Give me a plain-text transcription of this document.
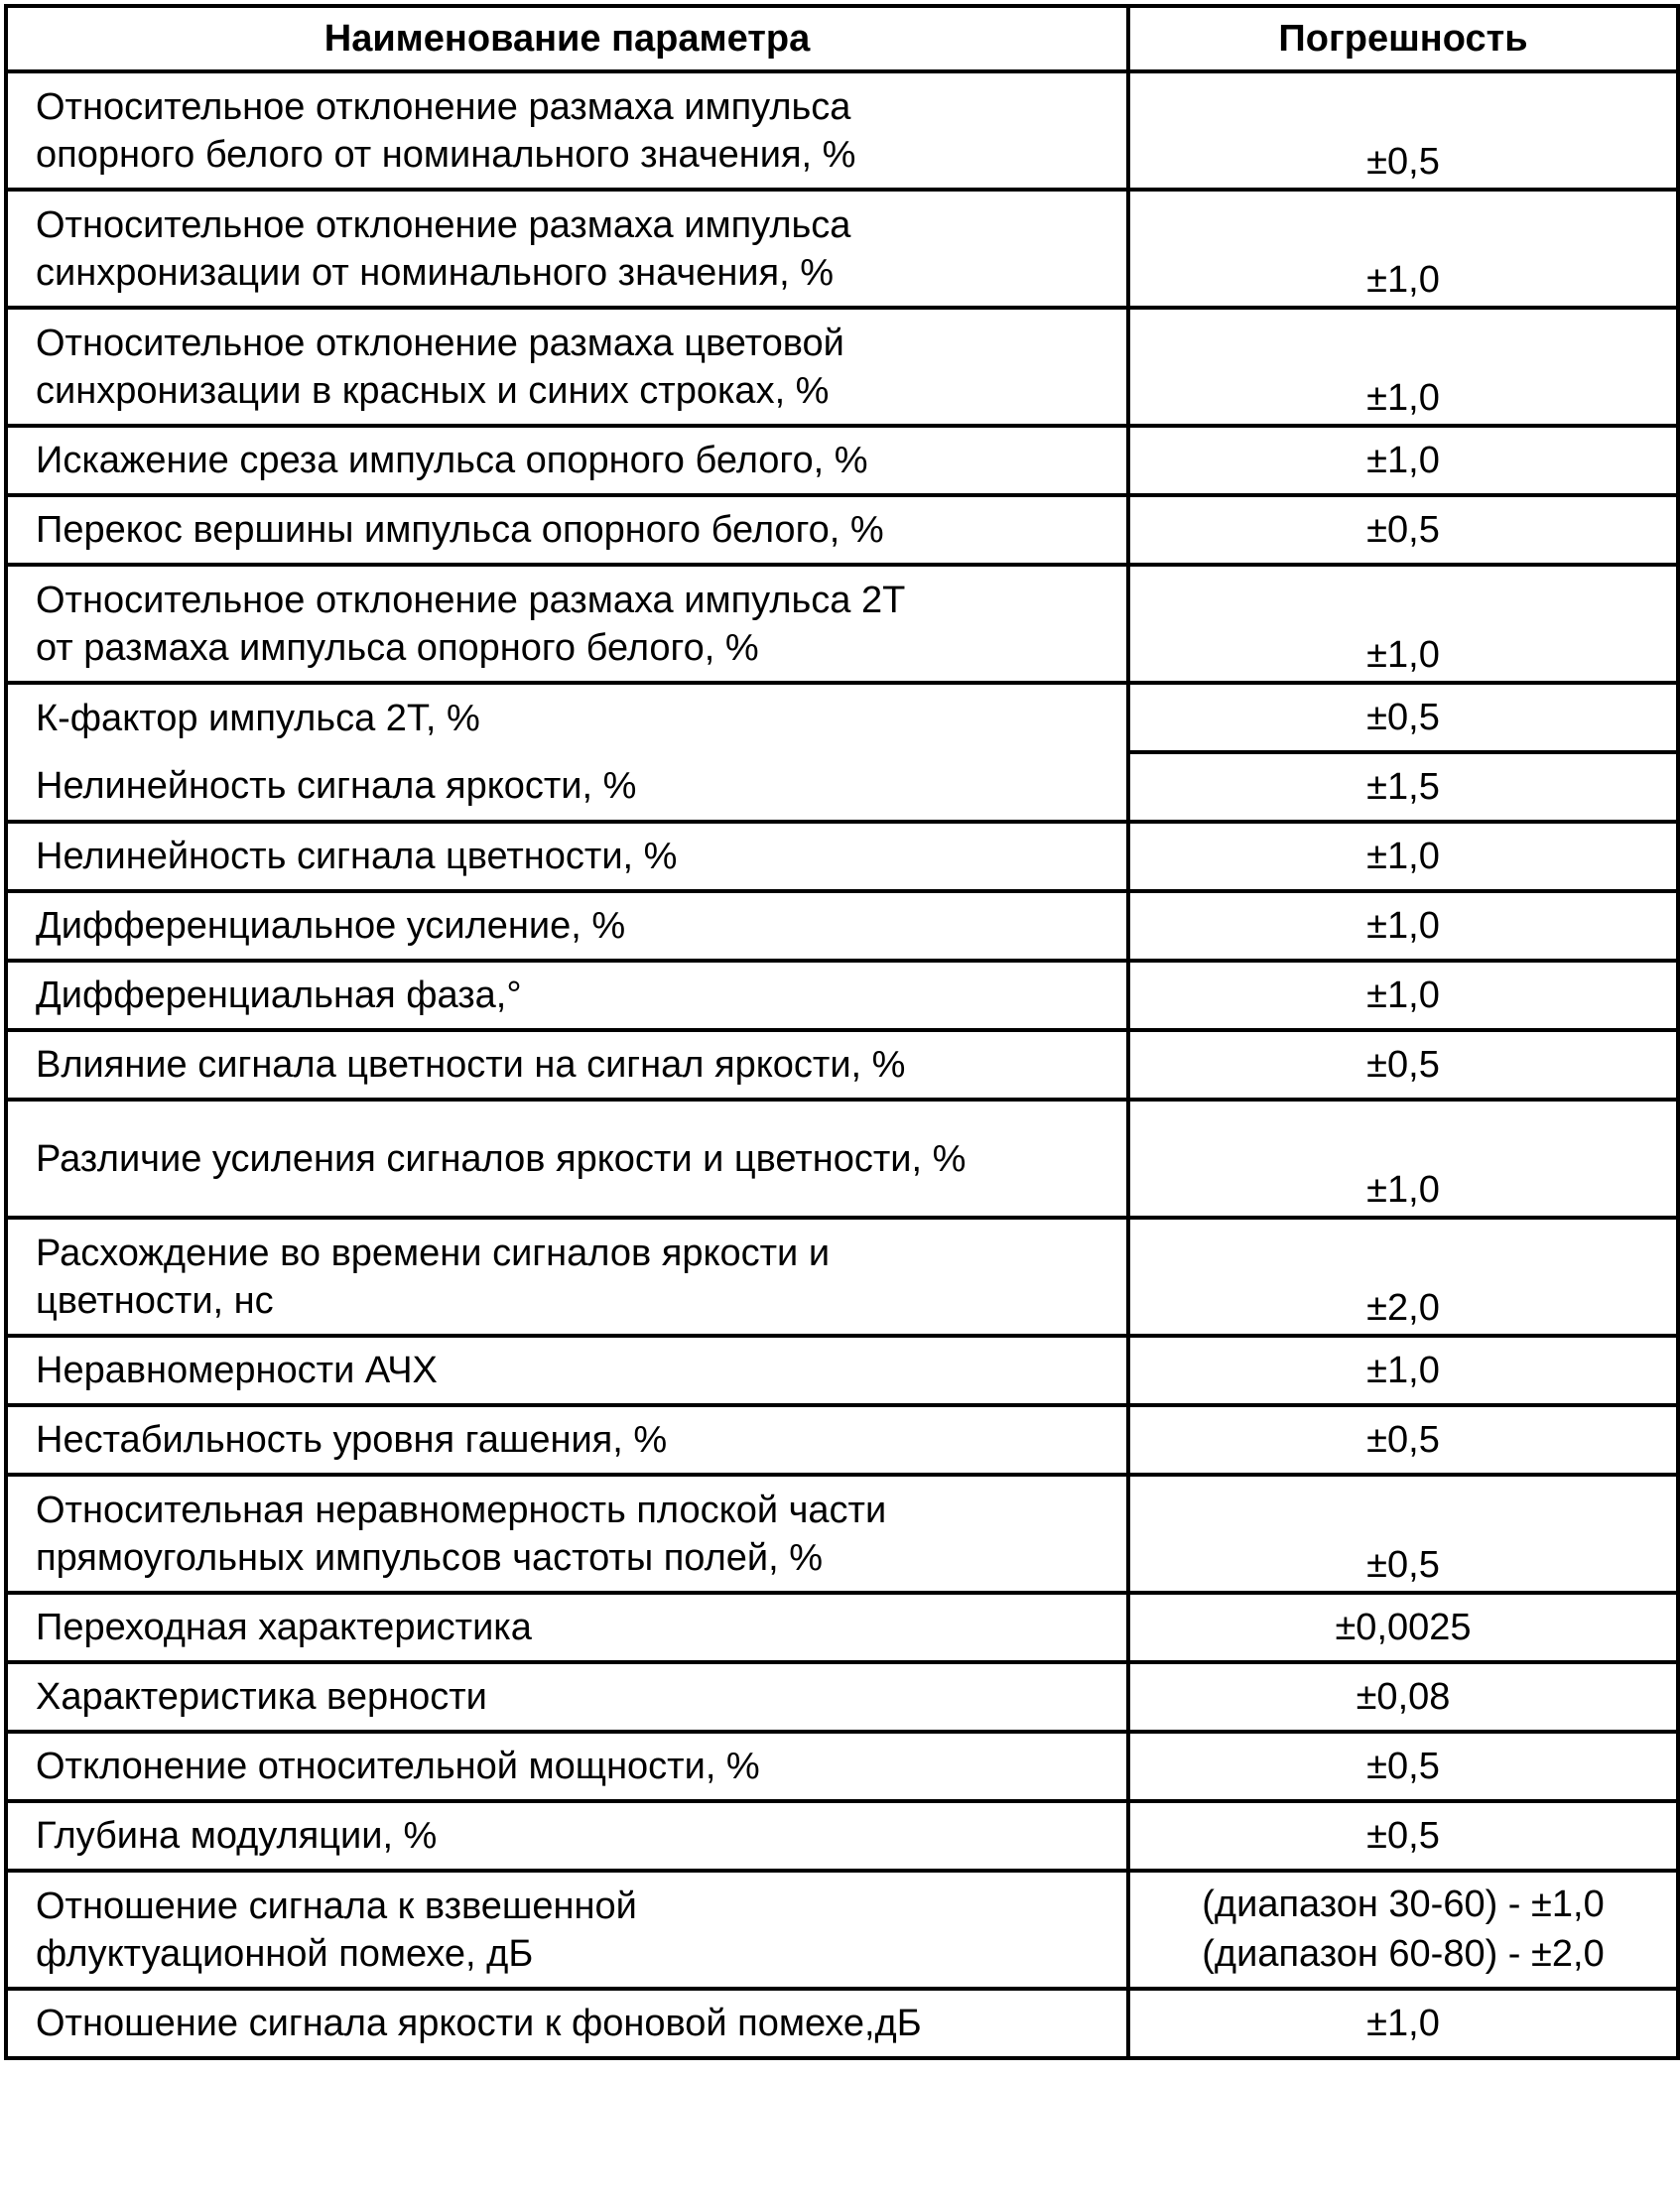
Наименование параметра	Погрешность
Относительное отклонение размаха импульса
опорного белого от номинального значения, %	±0,5
Относительное отклонение размаха импульса
синхронизации от номинального значения, %	±1,0
Относительное отклонение размаха цветовой
синхронизации в красных и синих строках, %	±1,0
Искажение среза импульса опорного белого, %	±1,0
Перекос вершины импульса опорного белого, %	±0,5
Относительное отклонение размаха импульса 2Т
от размаха импульса опорного белого, %	±1,0
К-фактор импульса 2Т, %	±0,5
Нелинейность сигнала яркости, %	±1,5
Нелинейность сигнала цветности, %	±1,0
Дифференциальное усиление, %	±1,0
Дифференциальная фаза,°	±1,0
Влияние сигнала цветности на сигнал яркости, %	±0,5
Различие усиления сигналов яркости и цветности, %	±1,0
Расхождение во времени сигналов яркости и
цветности, нс	±2,0
Неравномерности АЧХ	±1,0
Нестабильность уровня гашения, %	±0,5
Относительная неравномерность плоской части
прямоугольных импульсов частоты полей, %	±0,5
Переходная характеристика	±0,0025
Характеристика верности	±0,08
Отклонение относительной мощности, %	±0,5
Глубина модуляции, %	±0,5
Отношение сигнала к взвешенной
флуктуационной помехе, дБ	(диапазон 30-60) - ±1,0
(диапазон 60-80) - ±2,0
Отношение сигнала яркости к фоновой помехе,дБ	±1,0
